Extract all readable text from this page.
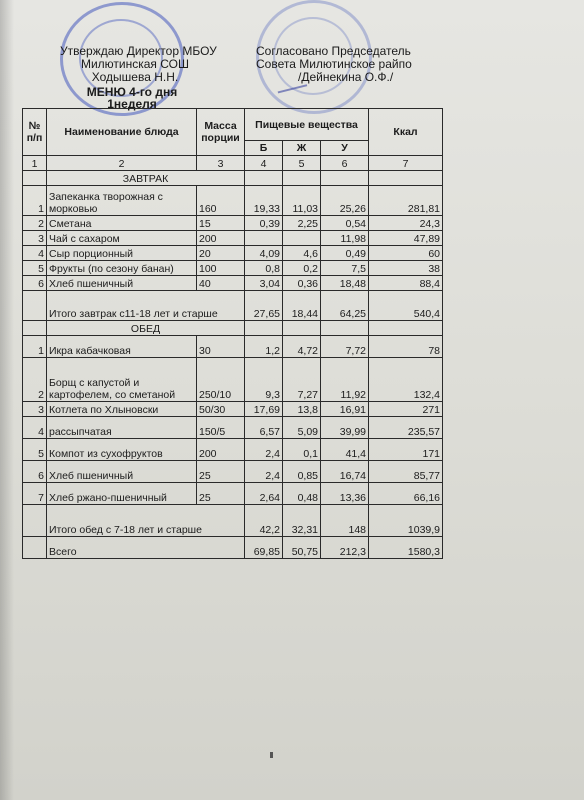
Утверждаю Директор МБОУ
Милютинская СОШ
Ходышева Н.Н.
Согласовано Председатель
Совета Милютинское райпо
/Дейнекина О.Ф./
МЕНЮ 4-го дня
1неделя
№ п/п	Наименование блюда	Масса порции	Пищевые вещества			Ккал
			Б	Ж	У	
1	2	3	4	5	6	7
	ЗАВТРАК					
1	Запеканка творожная с морковью	160	19,33	11,03	25,26	281,81
2	Сметана	15	0,39	2,25	0,54	24,3
3	Чай с сахаром	200			11,98	47,89
4	Сыр порционный	20	4,09	4,6	0,49	60
5	Фрукты (по сезону банан)	100	0,8	0,2	7,5	38
6	Хлеб пшеничный	40	3,04	0,36	18,48	88,4
	Итого завтрак с11-18 лет и старше		27,65	18,44	64,25	540,4
	ОБЕД					
1	Икра кабачковая	30	1,2	4,72	7,72	78
2	Борщ с капустой и картофелем, со сметаной	250/10	9,3	7,27	11,92	132,4
3	Котлета по Хлыновски	50/30	17,69	13,8	16,91	271
4	рассыпчатая	150/5	6,57	5,09	39,99	235,57
5	Компот из сухофруктов	200	2,4	0,1	41,4	171
6	Хлеб пшеничный	25	2,4	0,85	16,74	85,77
7	Хлеб ржано-пшеничный	25	2,64	0,48	13,36	66,16
	Итого обед с 7-18 лет и старше		42,2	32,31	148	1039,9
	Всего		69,85	50,75	212,3	1580,3
